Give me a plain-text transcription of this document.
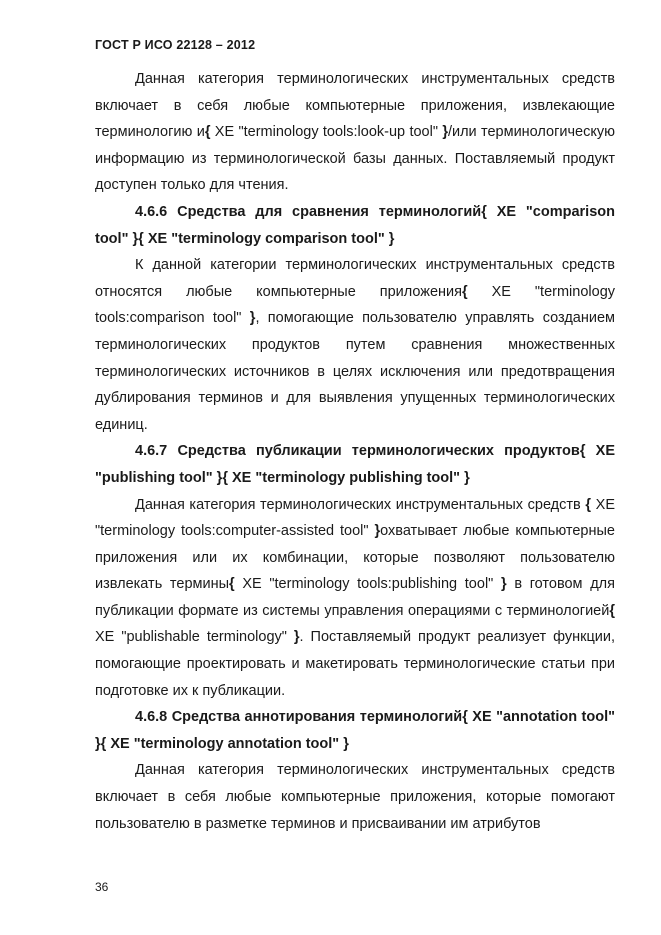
ГОСТ Р ИСО 22128 – 2012

Данная категория терминологических инструментальных средств включает в себя любые компьютерные приложения, извлекающие терминологию и{ XE "terminology tools:look-up tool" }/или терминологическую информацию из терминологической базы данных. Поставляемый продукт доступен только для чтения.

4.6.6 Средства для сравнения терминологий{ XE "comparison tool" }{ XE "terminology comparison tool" }

К данной категории терминологических инструментальных средств относятся любые компьютерные приложения{ XE "terminology tools:comparison tool" }, помогающие пользователю управлять созданием терминологических продуктов путем сравнения множественных терминологических источников в целях исключения или предотвращения дублирования терминов и для выявления упущенных терминологических единиц.

4.6.7 Средства публикации терминологических продуктов{ XE "publishing tool" }{ XE "terminology publishing tool" }

Данная категория терминологических инструментальных средств { XE "terminology tools:computer-assisted tool" }охватывает любые компьютерные приложения или их комбинации, которые позволяют пользователю извлекать термины{ XE "terminology tools:publishing tool" } в готовом для публикации формате из системы управления операциями с терминологией{ XE "publishable terminology" }. Поставляемый продукт реализует функции, помогающие проектировать и макетировать терминологические статьи при подготовке их к публикации.

4.6.8 Средства аннотирования терминологий{ XE "annotation tool" }{ XE "terminology annotation tool" }

Данная категория терминологических инструментальных средств включает в себя любые компьютерные приложения, которые помогают пользователю в разметке терминов и присваивании им атрибутов

36
